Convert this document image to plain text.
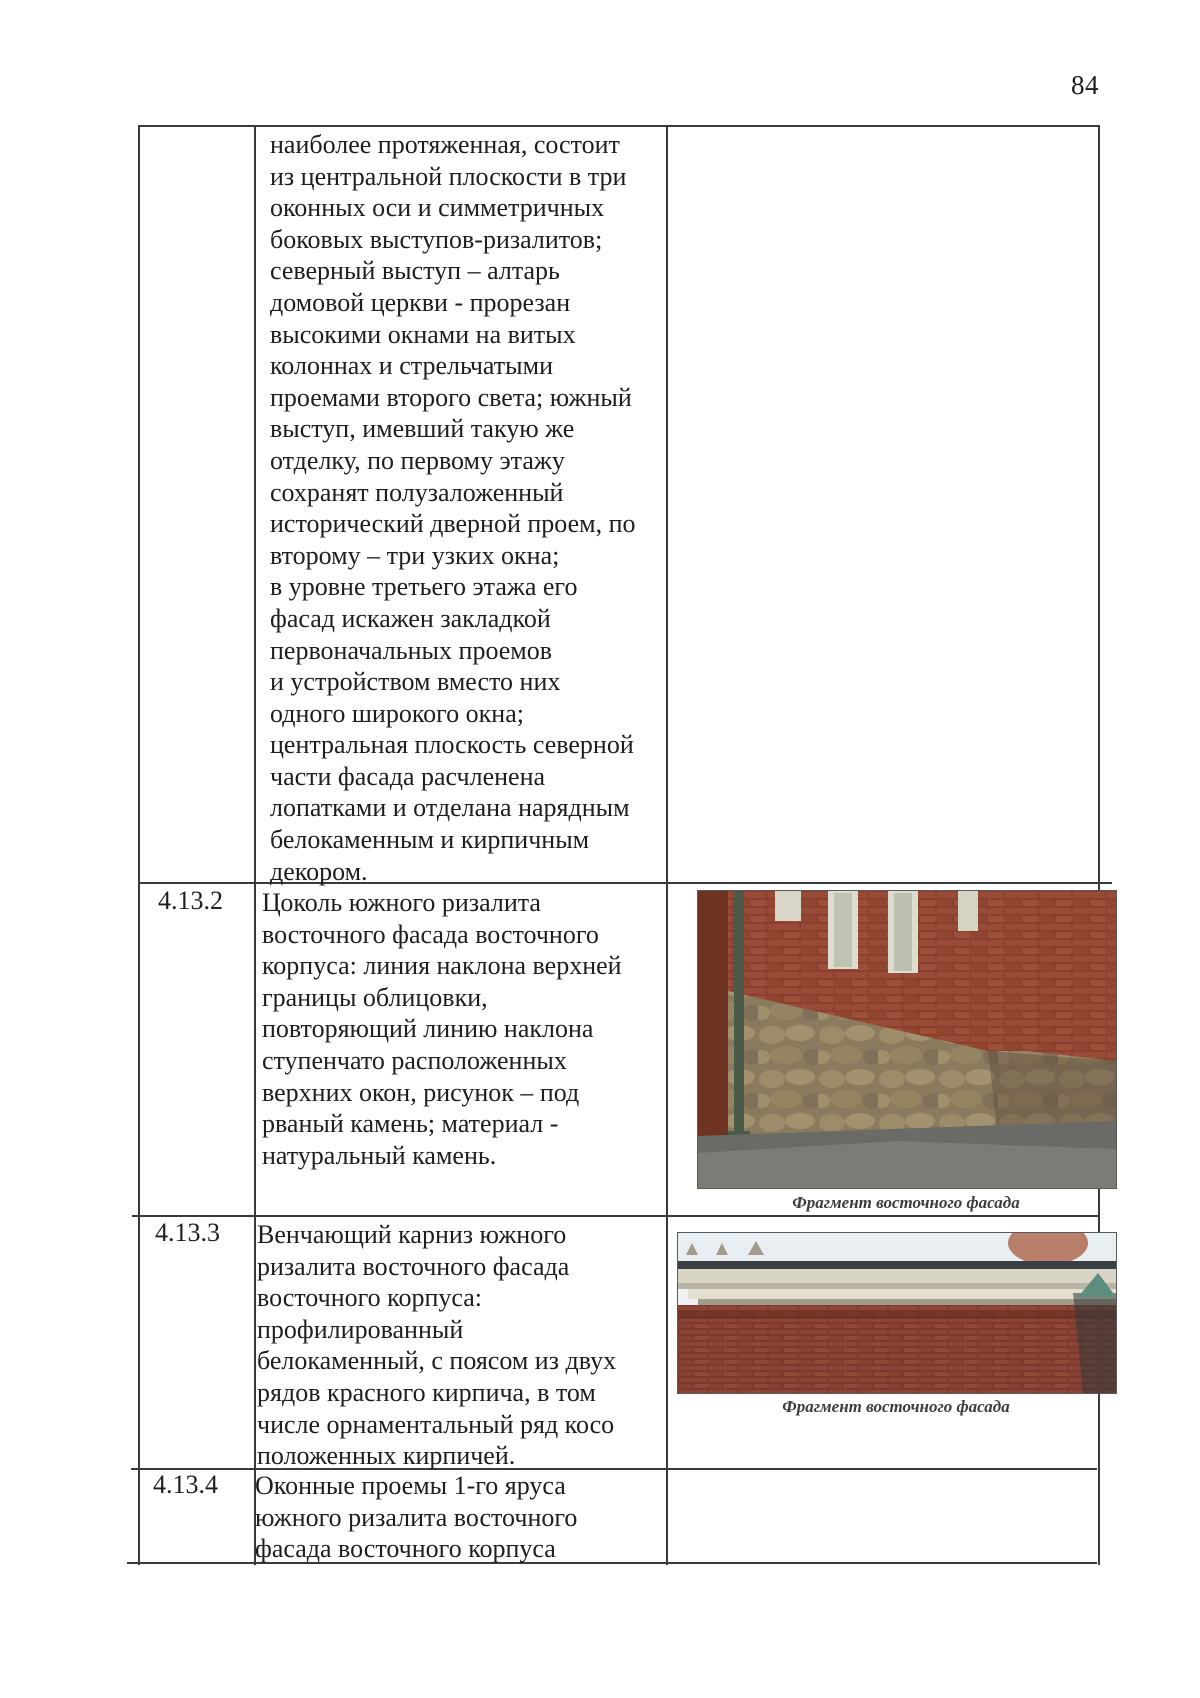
84
наиболее протяженная, состоит
из центральной плоскости в три
оконных оси и симметричных
боковых выступов-ризалитов;
северный выступ – алтарь
домовой церкви - прорезан
высокими окнами на витых
колоннах и стрельчатыми
проемами второго света; южный
выступ, имевший такую же
отделку, по первому этажу
сохранят полузаложенный
исторический дверной проем, по
второму – три узких окна;
в уровне третьего этажа его
фасад искажен закладкой
первоначальных проемов
и устройством вместо них
одного широкого окна;
центральная плоскость северной
части фасада расчленена
лопатками и отделана нарядным
белокаменным и кирпичным
декором.
4.13.2 Цоколь южного ризалита
восточного фасада восточного
корпуса: линия наклона верхней
границы облицовки,
повторяющий линию наклона
ступенчато расположенных
верхних окон, рисунок – под
рваный камень; материал -
натуральный камень.
Фрагмент восточного фасада
4.13.3 Венчающий карниз южного
ризалита восточного фасада
восточного корпуса:
профилированный
белокаменный, с поясом из двух
рядов красного кирпича, в том
числе орнаментальный ряд косо
положенных кирпичей.
Фрагмент восточного фасада
4.13.4 Оконные проемы 1-го яруса
южного ризалита восточного
фасада восточного корпуса
